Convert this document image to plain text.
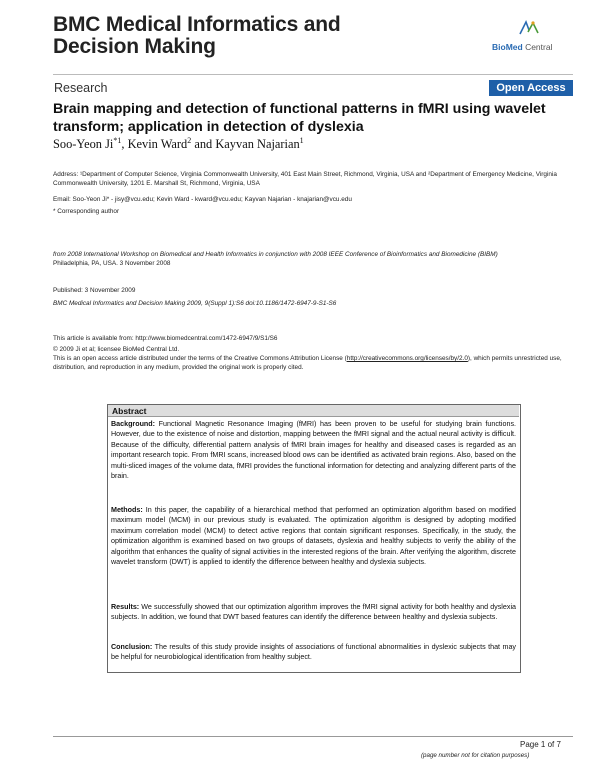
BMC Medical Informatics and
Decision Making	BioMed Central
Research	Open Access
Brain mapping and detection of functional patterns in fMRI using wavelet transform; application in detection of dyslexia
Soo-Yeon Ji$^{*1}$, Kevin Ward$^2$ and Kayvan Najarian$^1$
Address: ¹Department of Computer Science, Virginia Commonwealth University, 401 East Main Street, Richmond, Virginia, USA and ²Department of Emergency Medicine, Virginia Commonwealth University, 1201 E. Marshall St, Richmond, Virginia, USA
Email: Soo-Yeon Ji* - jisy@vcu.edu; Kevin Ward - kward@vcu.edu; Kayvan Najarian - knajarian@vcu.edu
* Corresponding author
from 2008 International Workshop on Biomedical and Health Informatics in conjunction with 2008 IEEE Conference of Bioinformatics and Biomedicine (BIBM)
Philadelphia, PA, USA. 3 November 2008
Published: 3 November 2009
BMC Medical Informatics and Decision Making 2009, 9(Suppl 1):S6 doi:10.1186/1472-6947-9-S1-S6
This article is available from: http://www.biomedcentral.com/1472-6947/9/S1/S6
© 2009 Ji et al; licensee BioMed Central Ltd.
This is an open access article distributed under the terms of the Creative Commons Attribution License (http://creativecommons.org/licenses/by/2.0), which permits unrestricted use, distribution, and reproduction in any medium, provided the original work is properly cited.
Abstract
Background: Functional Magnetic Resonance Imaging (fMRI) has been proven to be useful for studying brain functions. However, due to the existence of noise and distortion, mapping between the fMRI signal and the actual neural activity is difficult. Because of the difficulty, differential pattern analysis of fMRI brain images for healthy and diseased cases is regarded as an important research topic. From fMRI scans, increased blood ows can be identified as activated brain regions. Also, based on the multi-sliced images of the volume data, fMRI provides the functional information for detecting and analyzing different parts of the brain.
Methods: In this paper, the capability of a hierarchical method that performed an optimization algorithm based on modified maximum model (MCM) in our previous study is evaluated. The optimization algorithm is designed by adopting modified maximum correlation model (MCM) to detect active regions that contain significant responses. Specifically, in the study, the optimization algorithm is examined based on two groups of datasets, dyslexia and healthy subjects to verify the ability of the algorithm that enhances the quality of signal activities in the interested regions of the brain. After verifying the algorithm, discrete wavelet transform (DWT) is applied to identify the difference between healthy and dyslexia subjects.
Results: We successfully showed that our optimization algorithm improves the fMRI signal activity for both healthy and dyslexia subjects. In addition, we found that DWT based features can identify the difference between healthy and dyslexia subjects.
Conclusion: The results of this study provide insights of associations of functional abnormalities in dyslexic subjects that may be helpful for neurobiological identification from healthy subject.
Page 1 of 7
(page number not for citation purposes)
